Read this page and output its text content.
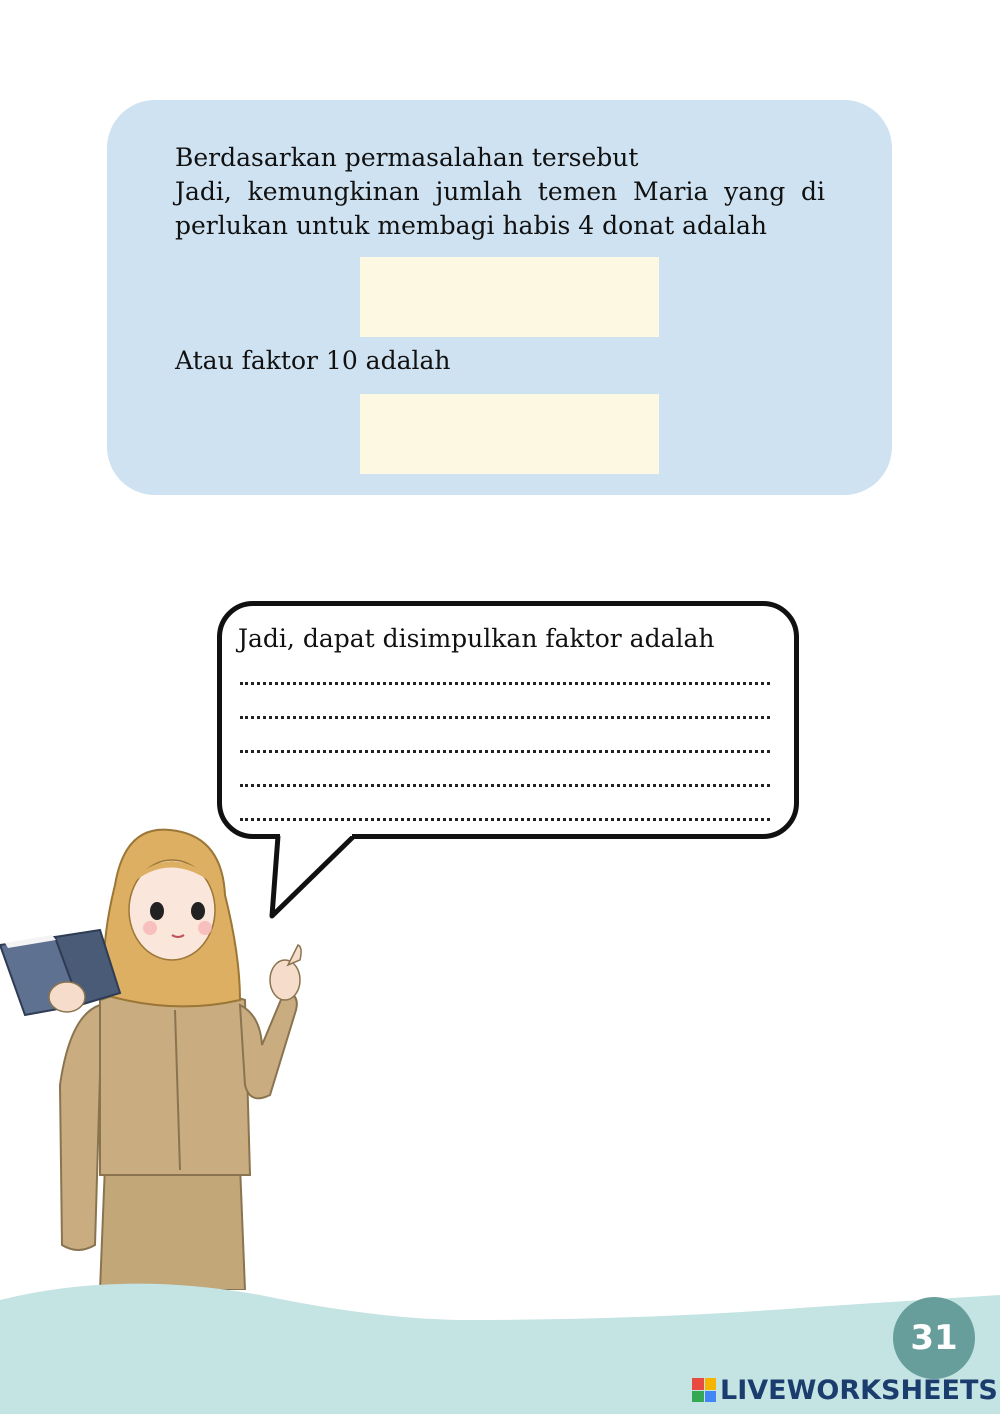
Berdasarkan permasalahan tersebut
Jadi, kemungkinan jumlah temen Maria yang di perlukan untuk membagi habis 4 donat adalah
Atau faktor 10 adalah
Jadi, dapat disimpulkan faktor adalah
31
LIVEWORKSHEETS
